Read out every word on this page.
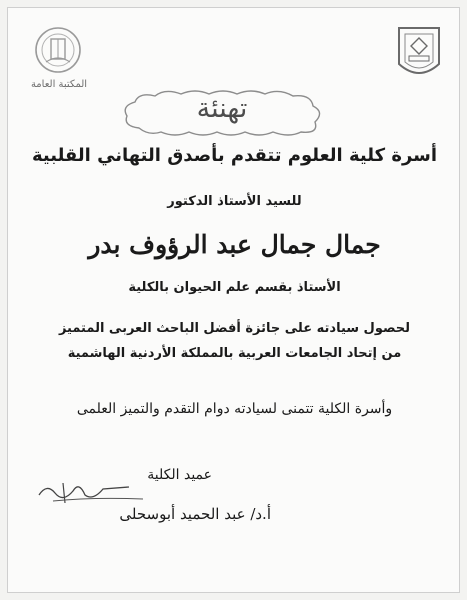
المكتبة العامة
تهنئة
أسرة كلية العلوم تتقدم بأصدق التهاني القلبية
للسيد الأستاذ الدكتور
جمال جمال عبد الرؤوف بدر
الأستاذ بقسم علم الحيوان بالكلية
لحصول سيادته على جائزة أفضل الباحث العربى المتميز
من إتحاد الجامعات العربية بالمملكة الأردنية الهاشمية
وأسرة الكلية تتمنى لسيادته دوام التقدم والتميز العلمى
عميد الكلية
أ.د/ عبد الحميد أبوسحلى
